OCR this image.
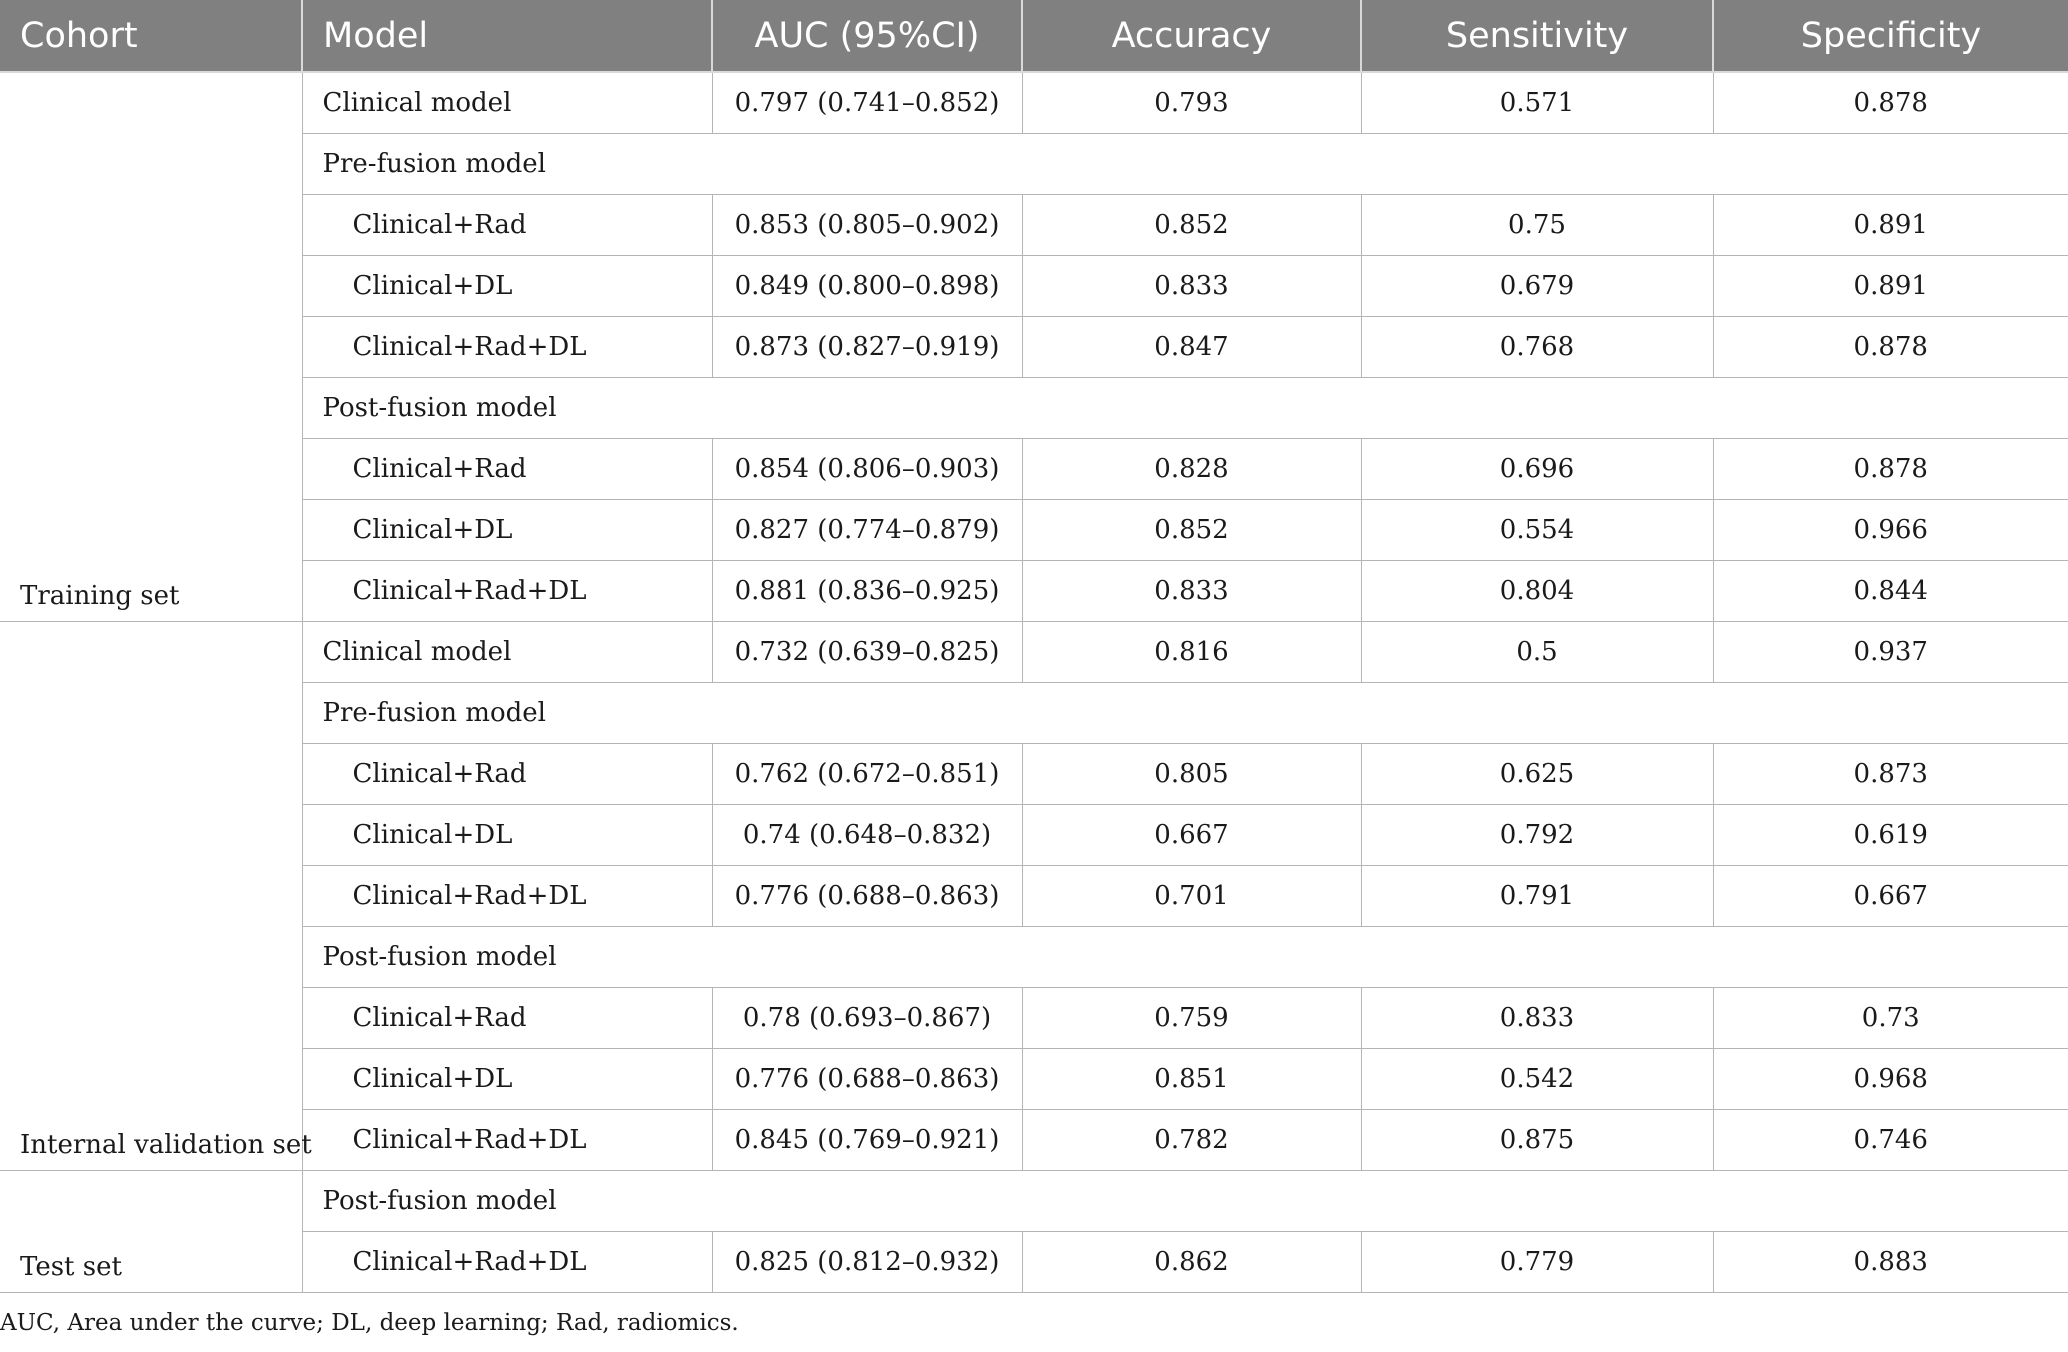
Cohort	Model	AUC (95%CI)	Accuracy	Sensitivity	Specificity
Training set	Clinical model	0.797 (0.741–0.852)	0.793	0.571	0.878
	Pre-fusion model				
	Clinical+Rad	0.853 (0.805–0.902)	0.852	0.75	0.891
	Clinical+DL	0.849 (0.800–0.898)	0.833	0.679	0.891
	Clinical+Rad+DL	0.873 (0.827–0.919)	0.847	0.768	0.878
	Post-fusion model				
	Clinical+Rad	0.854 (0.806–0.903)	0.828	0.696	0.878
	Clinical+DL	0.827 (0.774–0.879)	0.852	0.554	0.966
	Clinical+Rad+DL	0.881 (0.836–0.925)	0.833	0.804	0.844
Internal validation set	Clinical model	0.732 (0.639–0.825)	0.816	0.5	0.937
	Pre-fusion model				
	Clinical+Rad	0.762 (0.672–0.851)	0.805	0.625	0.873
	Clinical+DL	0.74 (0.648–0.832)	0.667	0.792	0.619
	Clinical+Rad+DL	0.776 (0.688–0.863)	0.701	0.791	0.667
	Post-fusion model				
	Clinical+Rad	0.78 (0.693–0.867)	0.759	0.833	0.73
	Clinical+DL	0.776 (0.688–0.863)	0.851	0.542	0.968
	Clinical+Rad+DL	0.845 (0.769–0.921)	0.782	0.875	0.746
Test set	Post-fusion model				
	Clinical+Rad+DL	0.825 (0.812–0.932)	0.862	0.779	0.883
AUC, Area under the curve; DL, deep learning; Rad, radiomics.
